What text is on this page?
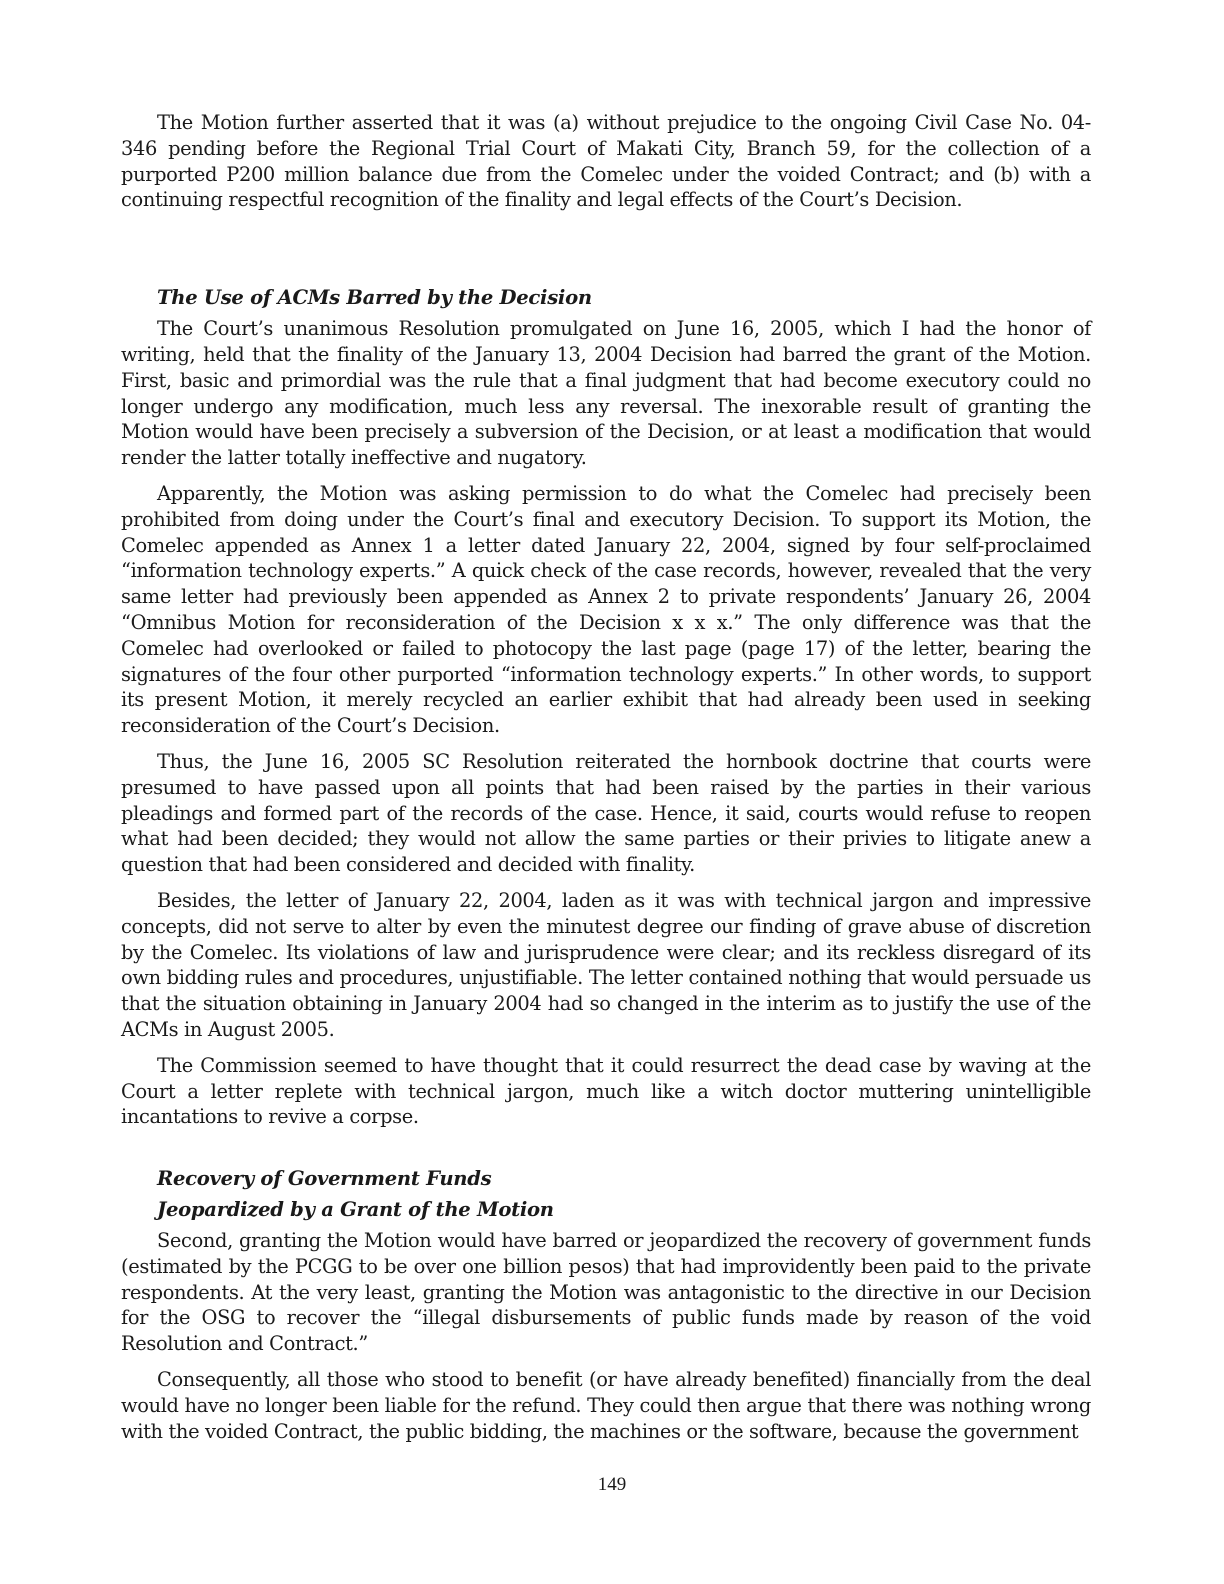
The Motion further asserted that it was (a) without prejudice to the ongoing Civil Case No. 04-346 pending before the Regional Trial Court of Makati City, Branch 59, for the collection of a purported P200 million balance due from the Comelec under the voided Contract; and (b) with a continuing respectful recognition of the finality and legal effects of the Court’s Decision.

The Use of ACMs Barred by the Decision

The Court’s unanimous Resolution promulgated on June 16, 2005, which I had the honor of writing, held that the finality of the January 13, 2004 Decision had barred the grant of the Motion. First, basic and primordial was the rule that a final judgment that had become executory could no longer undergo any modification, much less any reversal. The inexorable result of granting the Motion would have been precisely a subversion of the Decision, or at least a modification that would render the latter totally ineffective and nugatory.

Apparently, the Motion was asking permission to do what the Comelec had precisely been prohibited from doing under the Court’s final and executory Decision. To support its Motion, the Comelec appended as Annex 1 a letter dated January 22, 2004, signed by four self-proclaimed “information technology experts.” A quick check of the case records, however, revealed that the very same letter had previously been appended as Annex 2 to private respondents’ January 26, 2004 “Omnibus Motion for reconsideration of the Decision x x x.” The only difference was that the Comelec had overlooked or failed to photocopy the last page (page 17) of the letter, bearing the signatures of the four other purported “information technology experts.” In other words, to support its present Motion, it merely recycled an earlier exhibit that had already been used in seeking reconsideration of the Court’s Decision.

Thus, the June 16, 2005 SC Resolution reiterated the hornbook doctrine that courts were presumed to have passed upon all points that had been raised by the parties in their various pleadings and formed part of the records of the case. Hence, it said, courts would refuse to reopen what had been decided; they would not allow the same parties or their privies to litigate anew a question that had been considered and decided with finality.

Besides, the letter of January 22, 2004, laden as it was with technical jargon and impressive concepts, did not serve to alter by even the minutest degree our finding of grave abuse of discretion by the Comelec. Its violations of law and jurisprudence were clear; and its reckless disregard of its own bidding rules and procedures, unjustifiable. The letter contained nothing that would persuade us that the situation obtaining in January 2004 had so changed in the interim as to justify the use of the ACMs in August 2005.

The Commission seemed to have thought that it could resurrect the dead case by waving at the Court a letter replete with technical jargon, much like a witch doctor muttering unintelligible incantations to revive a corpse.

Recovery of Government Funds
Jeopardized by a Grant of the Motion

Second, granting the Motion would have barred or jeopardized the recovery of government funds (estimated by the PCGG to be over one billion pesos) that had improvidently been paid to the private respondents. At the very least, granting the Motion was antagonistic to the directive in our Decision for the OSG to recover the “illegal disbursements of public funds made by reason of the void Resolution and Contract.”

Consequently, all those who stood to benefit (or have already benefited) financially from the deal would have no longer been liable for the refund. They could then argue that there was nothing wrong with the voided Contract, the public bidding, the machines or the software, because the government

149
